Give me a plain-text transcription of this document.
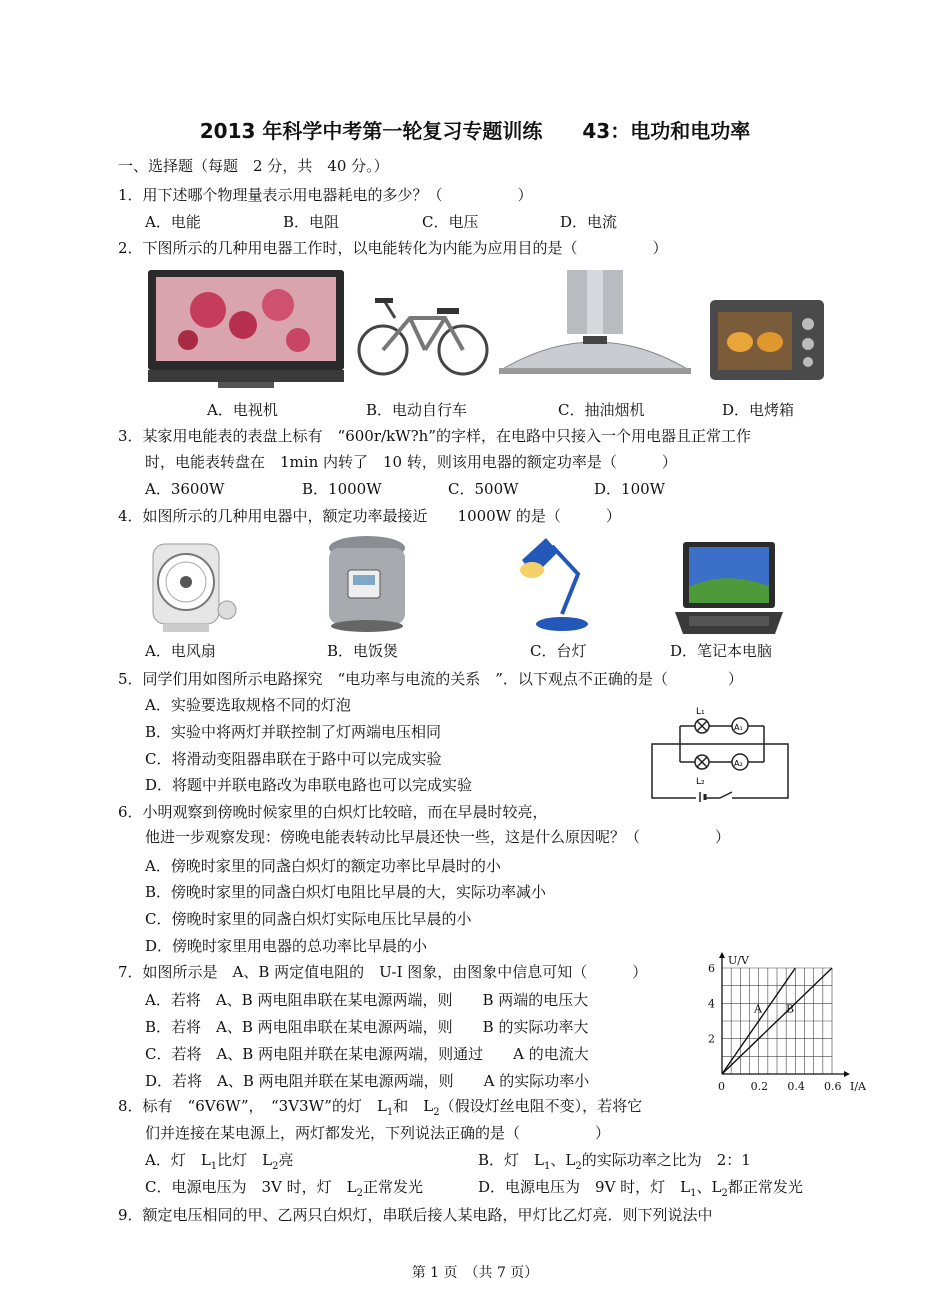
2013 年科学中考第一轮复习专题训练　　 43：电功和电功率
一、选择题（每题　2 分，共　40 分。）
1．用下述哪个物理量表示用电器耗电的多少？（　　　　　）
A．电能	B．电阻	C．电压	D．电流
2．下图所示的几种用电器工作时，以电能转化为内能为应用目的是（　　　　　）
A．电视机	B．电动自行车	C．抽油烟机	D．电烤箱
3．某家用电能表的表盘上标有　“600r/kW?h”的字样，在电路中只接入一个用电器且正常工作
时，电能表转盘在　1min 内转了　10 转，则该用电器的额定功率是（　　　）
A．3600W	B．1000W	C．500W	D．100W
4．如图所示的几种用电器中，额定功率最接近　　1000W 的是（　　　）
A．电风扇	B．电饭煲	C．台灯	D．笔记本电脑
5．同学们用如图所示电路探究　“电功率与电流的关系　”．以下观点不正确的是（　　　　）
A．实验要选取规格不同的灯泡
B．实验中将两灯并联控制了灯两端电压相同
C．将滑动变阻器串联在于路中可以完成实验
D．将题中并联电路改为串联电路也可以完成实验
L₁
L₂
A₁
A₂
6．小明观察到傍晚时候家里的白炽灯比较暗，而在早晨时较亮，
他进一步观察发现：傍晚电能表转动比早晨还快一些，这是什么原因呢？（　　　　　）
A．傍晚时家里的同盏白炽灯的额定功率比早晨时的小
B．傍晚时家里的同盏白炽灯电阻比早晨的大，实际功率减小
C．傍晚时家里的同盏白炽灯实际电压比早晨的小
D．傍晚时家里用电器的总功率比早晨的小
7．如图所示是　A、B 两定值电阻的　U-I 图象，由图象中信息可知（　　　）
A．若将　A、B 两电阻串联在某电源两端，则　　B 两端的电压大
B．若将　A、B 两电阻串联在某电源两端，则　　B 的实际功率大
C．若将　A、B 两电阻并联在某电源两端，则通过　　A 的电流大
D．若将　A、B 两电阻并联在某电源两端，则　　A 的实际功率小
A B
0 0.2 0.4 0.6
2
4
6
I/A
U/V
8．标有　“6V6W”，　“3V3W”的灯　$L_1$和　$L_2$（假设灯丝电阻不变），若将它
们并连接在某电源上，两灯都发光，下列说法正确的是（　　　　　）
A．灯　$L_1$比灯　$L_2$亮	B．灯　$L_1$、$L_2$的实际功率之比为　2：1
C．电源电压为　3V 时，灯　$L_2$正常发光	D．电源电压为　9V 时，灯　$L_1$、$L_2$都正常发光
9．额定电压相同的甲、乙两只白炽灯，串联后接人某电路，甲灯比乙灯亮．则下列说法中
第 1 页　（共 7 页）
